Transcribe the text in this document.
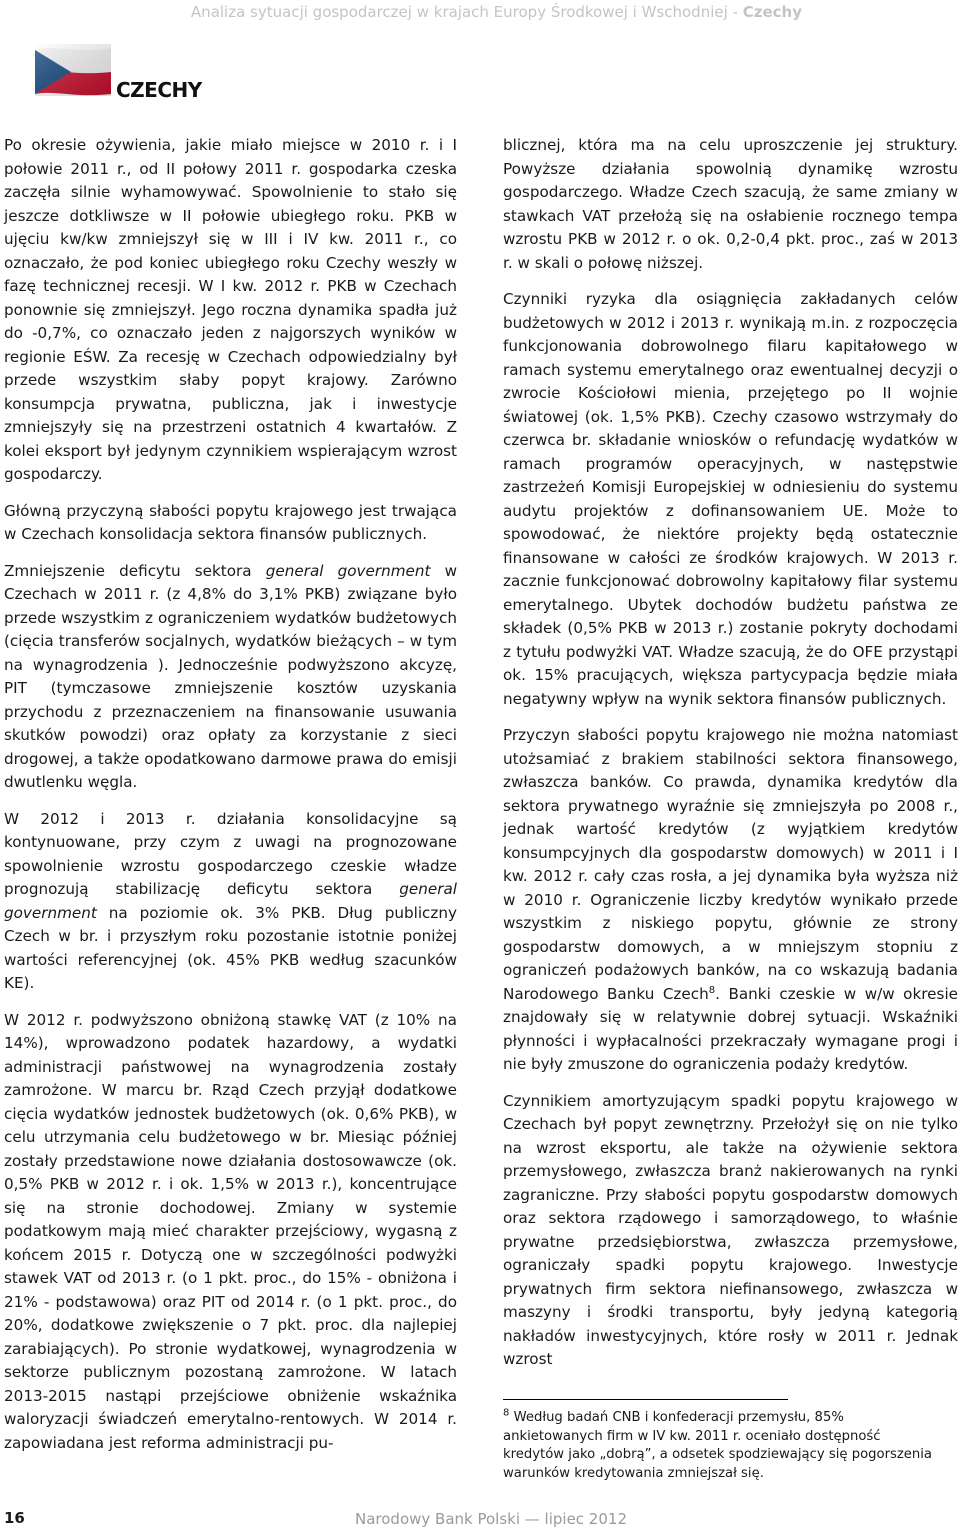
Analiza sytuacji gospodarczej w krajach Europy Środkowej i Wschodniej - Czechy
CZECHY

Po okresie ożywienia, jakie miało miejsce w 2010 r. i I połowie 2011 r., od II połowy 2011 r. gospodarka czeska zaczęła silnie wyhamowywać. Spowolnienie to stało się jeszcze dotkliwsze w II połowie ubiegłego roku. PKB w ujęciu kw/kw zmniejszył się w III i IV kw. 2011 r., co oznaczało, że pod koniec ubiegłego roku Czechy weszły w fazę technicznej recesji. W I kw. 2012 r. PKB w Czechach ponownie się zmniejszył. Jego roczna dynamika spadła już do -0,7%, co oznaczało jeden z najgorszych wyników w regionie EŚW. Za recesję w Czechach odpowiedzialny był przede wszystkim słaby popyt krajowy. Zarówno konsumpcja prywatna, publiczna, jak i inwestycje zmniejszyły się na przestrzeni ostatnich 4 kwartałów. Z kolei eksport był jedynym czynnikiem wspierającym wzrost gospodarczy.

Główną przyczyną słabości popytu krajowego jest trwająca w Czechach konsolidacja sektora finansów publicznych.

Zmniejszenie deficytu sektora general government w Czechach w 2011 r. (z 4,8% do 3,1% PKB) związane było przede wszystkim z ograniczeniem wydatków budżetowych (cięcia transferów socjalnych, wydatków bieżących – w tym na wynagrodzenia ). Jednocześnie podwyższono akcyzę, PIT (tymczasowe zmniejszenie kosztów uzyskania przychodu z przeznaczeniem na finansowanie usuwania skutków powodzi) oraz opłaty za korzystanie z sieci drogowej, a także opodatkowano darmowe prawa do emisji dwutlenku węgla.

W 2012 i 2013 r. działania konsolidacyjne są kontynuowane, przy czym z uwagi na prognozowane spowolnienie wzrostu gospodarczego czeskie władze prognozują stabilizację deficytu sektora general government na poziomie ok. 3% PKB. Dług publiczny Czech w br. i przyszłym roku pozostanie istotnie poniżej wartości referencyjnej (ok. 45% PKB według szacunków KE).

W 2012 r. podwyższono obniżoną stawkę VAT (z 10% na 14%), wprowadzono podatek hazardowy, a wydatki administracji państwowej na wynagrodzenia zostały zamrożone. W marcu br. Rząd Czech przyjął dodatkowe cięcia wydatków jednostek budżetowych (ok. 0,6% PKB), w celu utrzymania celu budżetowego w br. Miesiąc później zostały przedstawione nowe działania dostosowawcze (ok. 0,5% PKB w 2012 r. i ok. 1,5% w 2013 r.), koncentrujące się na stronie dochodowej. Zmiany w systemie podatkowym mają mieć charakter przejściowy, wygasną z końcem 2015 r. Dotyczą one w szczególności podwyżki stawek VAT od 2013 r. (o 1 pkt. proc., do 15% - obniżona i 21% - podstawowa) oraz PIT od 2014 r. (o 1 pkt. proc., do 20%, dodatkowe zwiększenie o 7 pkt. proc. dla najlepiej zarabiających). Po stronie wydatkowej, wynagrodzenia w sektorze publicznym pozostaną zamrożone. W latach 2013-2015 nastąpi przejściowe obniżenie wskaźnika waloryzacji świadczeń emerytalno-rentowych. W 2014 r. zapowiadana jest reforma administracji pu-

blicznej, która ma na celu uproszczenie jej struktury. Powyższe działania spowolnią dynamikę wzrostu gospodarczego. Władze Czech szacują, że same zmiany w stawkach VAT przełożą się na osłabienie rocznego tempa wzrostu PKB w 2012 r. o ok. 0,2-0,4 pkt. proc., zaś w 2013 r. w skali o połowę niższej.

Czynniki ryzyka dla osiągnięcia zakładanych celów budżetowych w 2012 i 2013 r. wynikają m.in. z rozpoczęcia funkcjonowania dobrowolnego filaru kapitałowego w ramach systemu emerytalnego oraz ewentualnej decyzji o zwrocie Kościołowi mienia, przejętego po II wojnie światowej (ok. 1,5% PKB). Czechy czasowo wstrzymały do czerwca br. składanie wniosków o refundację wydatków w ramach programów operacyjnych, w następstwie zastrzeżeń Komisji Europejskiej w odniesieniu do systemu audytu projektów z dofinansowaniem UE. Może to spowodować, że niektóre projekty będą ostatecznie finansowane w całości ze środków krajowych. W 2013 r. zacznie funkcjonować dobrowolny kapitałowy filar systemu emerytalnego. Ubytek dochodów budżetu państwa ze składek (0,5% PKB w 2013 r.) zostanie pokryty dochodami z tytułu podwyżki VAT. Władze szacują, że do OFE przystąpi ok. 15% pracujących, większa partycypacja będzie miała negatywny wpływ na wynik sektora finansów publicznych.

Przyczyn słabości popytu krajowego nie można natomiast utożsamiać z brakiem stabilności sektora finansowego, zwłaszcza banków. Co prawda, dynamika kredytów dla sektora prywatnego wyraźnie się zmniejszyła po 2008 r., jednak wartość kredytów (z wyjątkiem kredytów konsumpcyjnych dla gospodarstw domowych) w 2011 i I kw. 2012 r. cały czas rosła, a jej dynamika była wyższa niż w 2010 r. Ograniczenie liczby kredytów wynikało przede wszystkim z niskiego popytu, głównie ze strony gospodarstw domowych, a w mniejszym stopniu z ograniczeń podażowych banków, na co wskazują badania Narodowego Banku Czech$^8$. Banki czeskie w w/w okresie znajdowały się w relatywnie dobrej sytuacji. Wskaźniki płynności i wypłacalności przekraczały wymagane progi i nie były zmuszone do ograniczenia podaży kredytów.

Czynnikiem amortyzującym spadki popytu krajowego w Czechach był popyt zewnętrzny. Przełożył się on nie tylko na wzrost eksportu, ale także na ożywienie sektora przemysłowego, zwłaszcza branż nakierowanych na rynki zagraniczne. Przy słabości popytu gospodarstw domowych oraz sektora rządowego i samorządowego, to właśnie prywatne przedsiębiorstwa, zwłaszcza przemysłowe, ograniczały spadki popytu krajowego. Inwestycje prywatnych firm sektora niefinansowego, zwłaszcza w maszyny i środki transportu, były jedyną kategorią nakładów inwestycyjnych, które rosły w 2011 r. Jednak wzrost

$^8$ Według badań CNB i konfederacji przemysłu, 85% ankietowanych firm w IV kw. 2011 r. ocenia​ło dostępność kredytów jako „dobrą”, a odsetek spodziewający się pogorszenia warunków kredytowania zmniejszał się.
16	Narodowy Bank Polski — lipiec 2012
